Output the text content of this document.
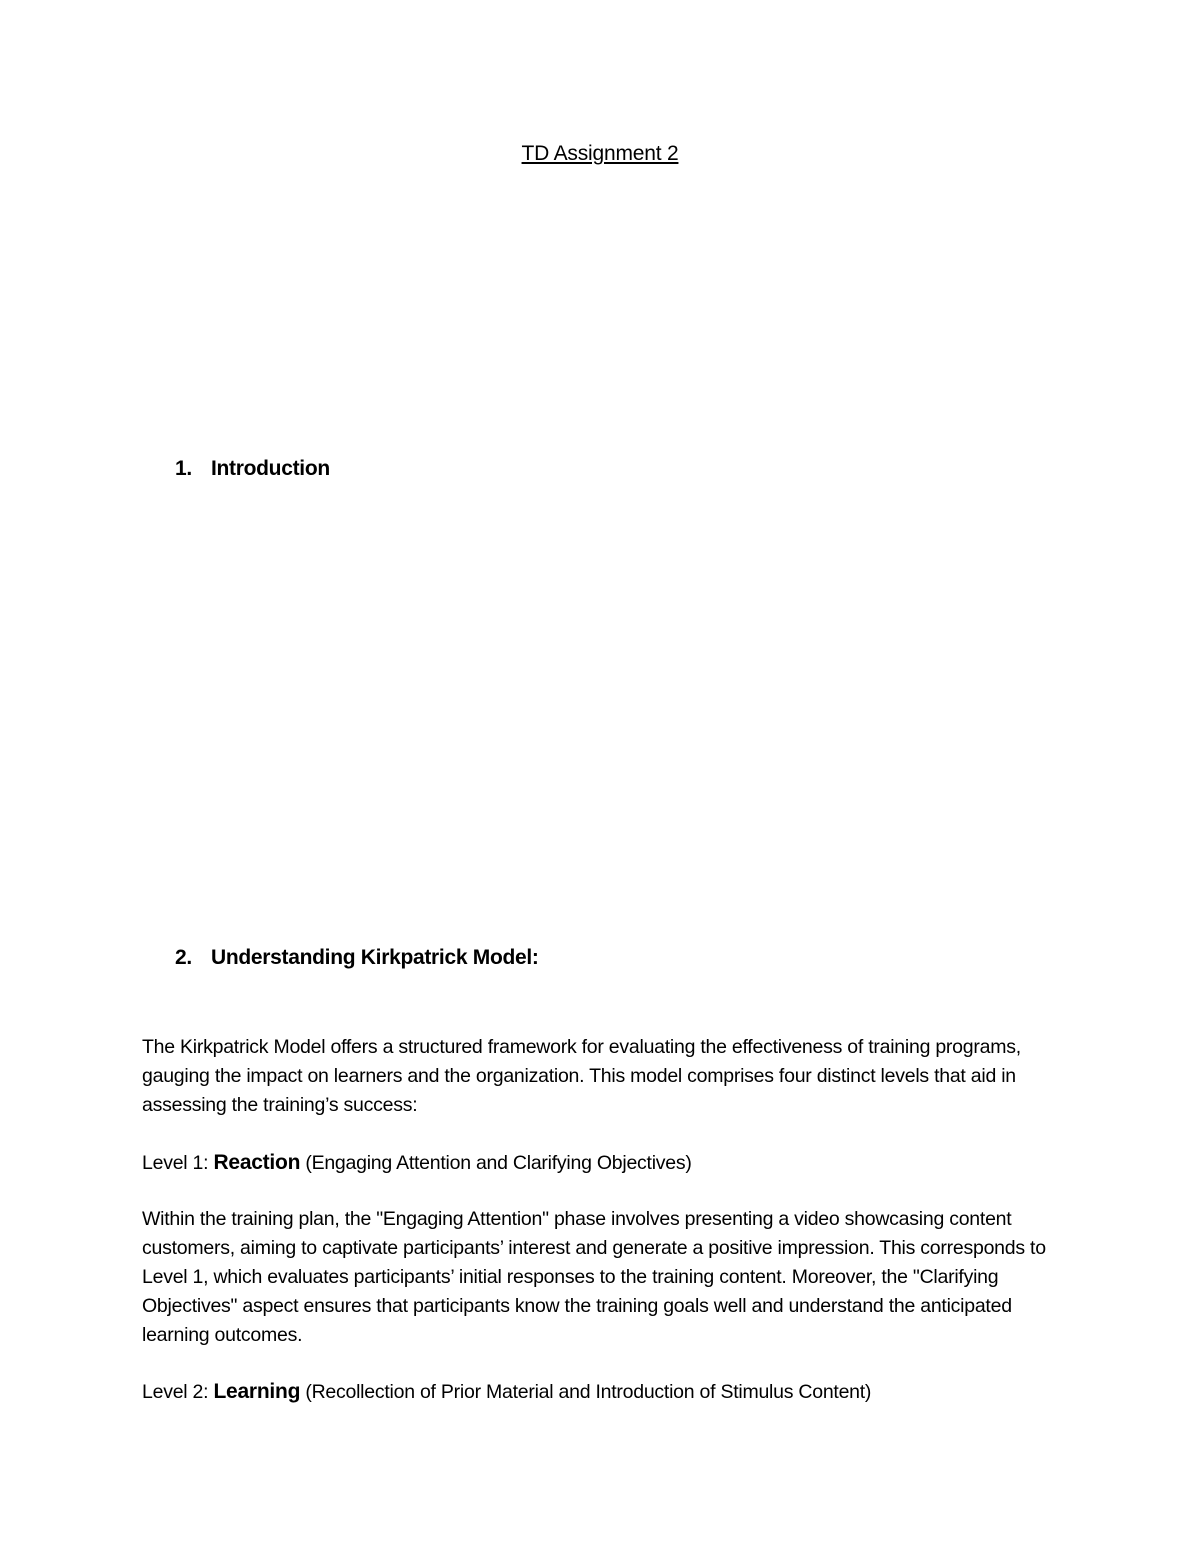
TD Assignment 2
1. Introduction
2. Understanding Kirkpatrick Model:

The Kirkpatrick Model offers a structured framework for evaluating the effectiveness of training programs, gauging the impact on learners and the organization. This model comprises four distinct levels that aid in assessing the training’s success:

Level 1: Reaction (Engaging Attention and Clarifying Objectives)

Within the training plan, the "Engaging Attention" phase involves presenting a video showcasing content customers, aiming to captivate participants’ interest and generate a positive impression. This corresponds to Level 1, which evaluates participants’ initial responses to the training content. Moreover, the "Clarifying Objectives" aspect ensures that participants know the training goals well and understand the anticipated learning outcomes.

Level 2: Learning (Recollection of Prior Material and Introduction of Stimulus Content)
